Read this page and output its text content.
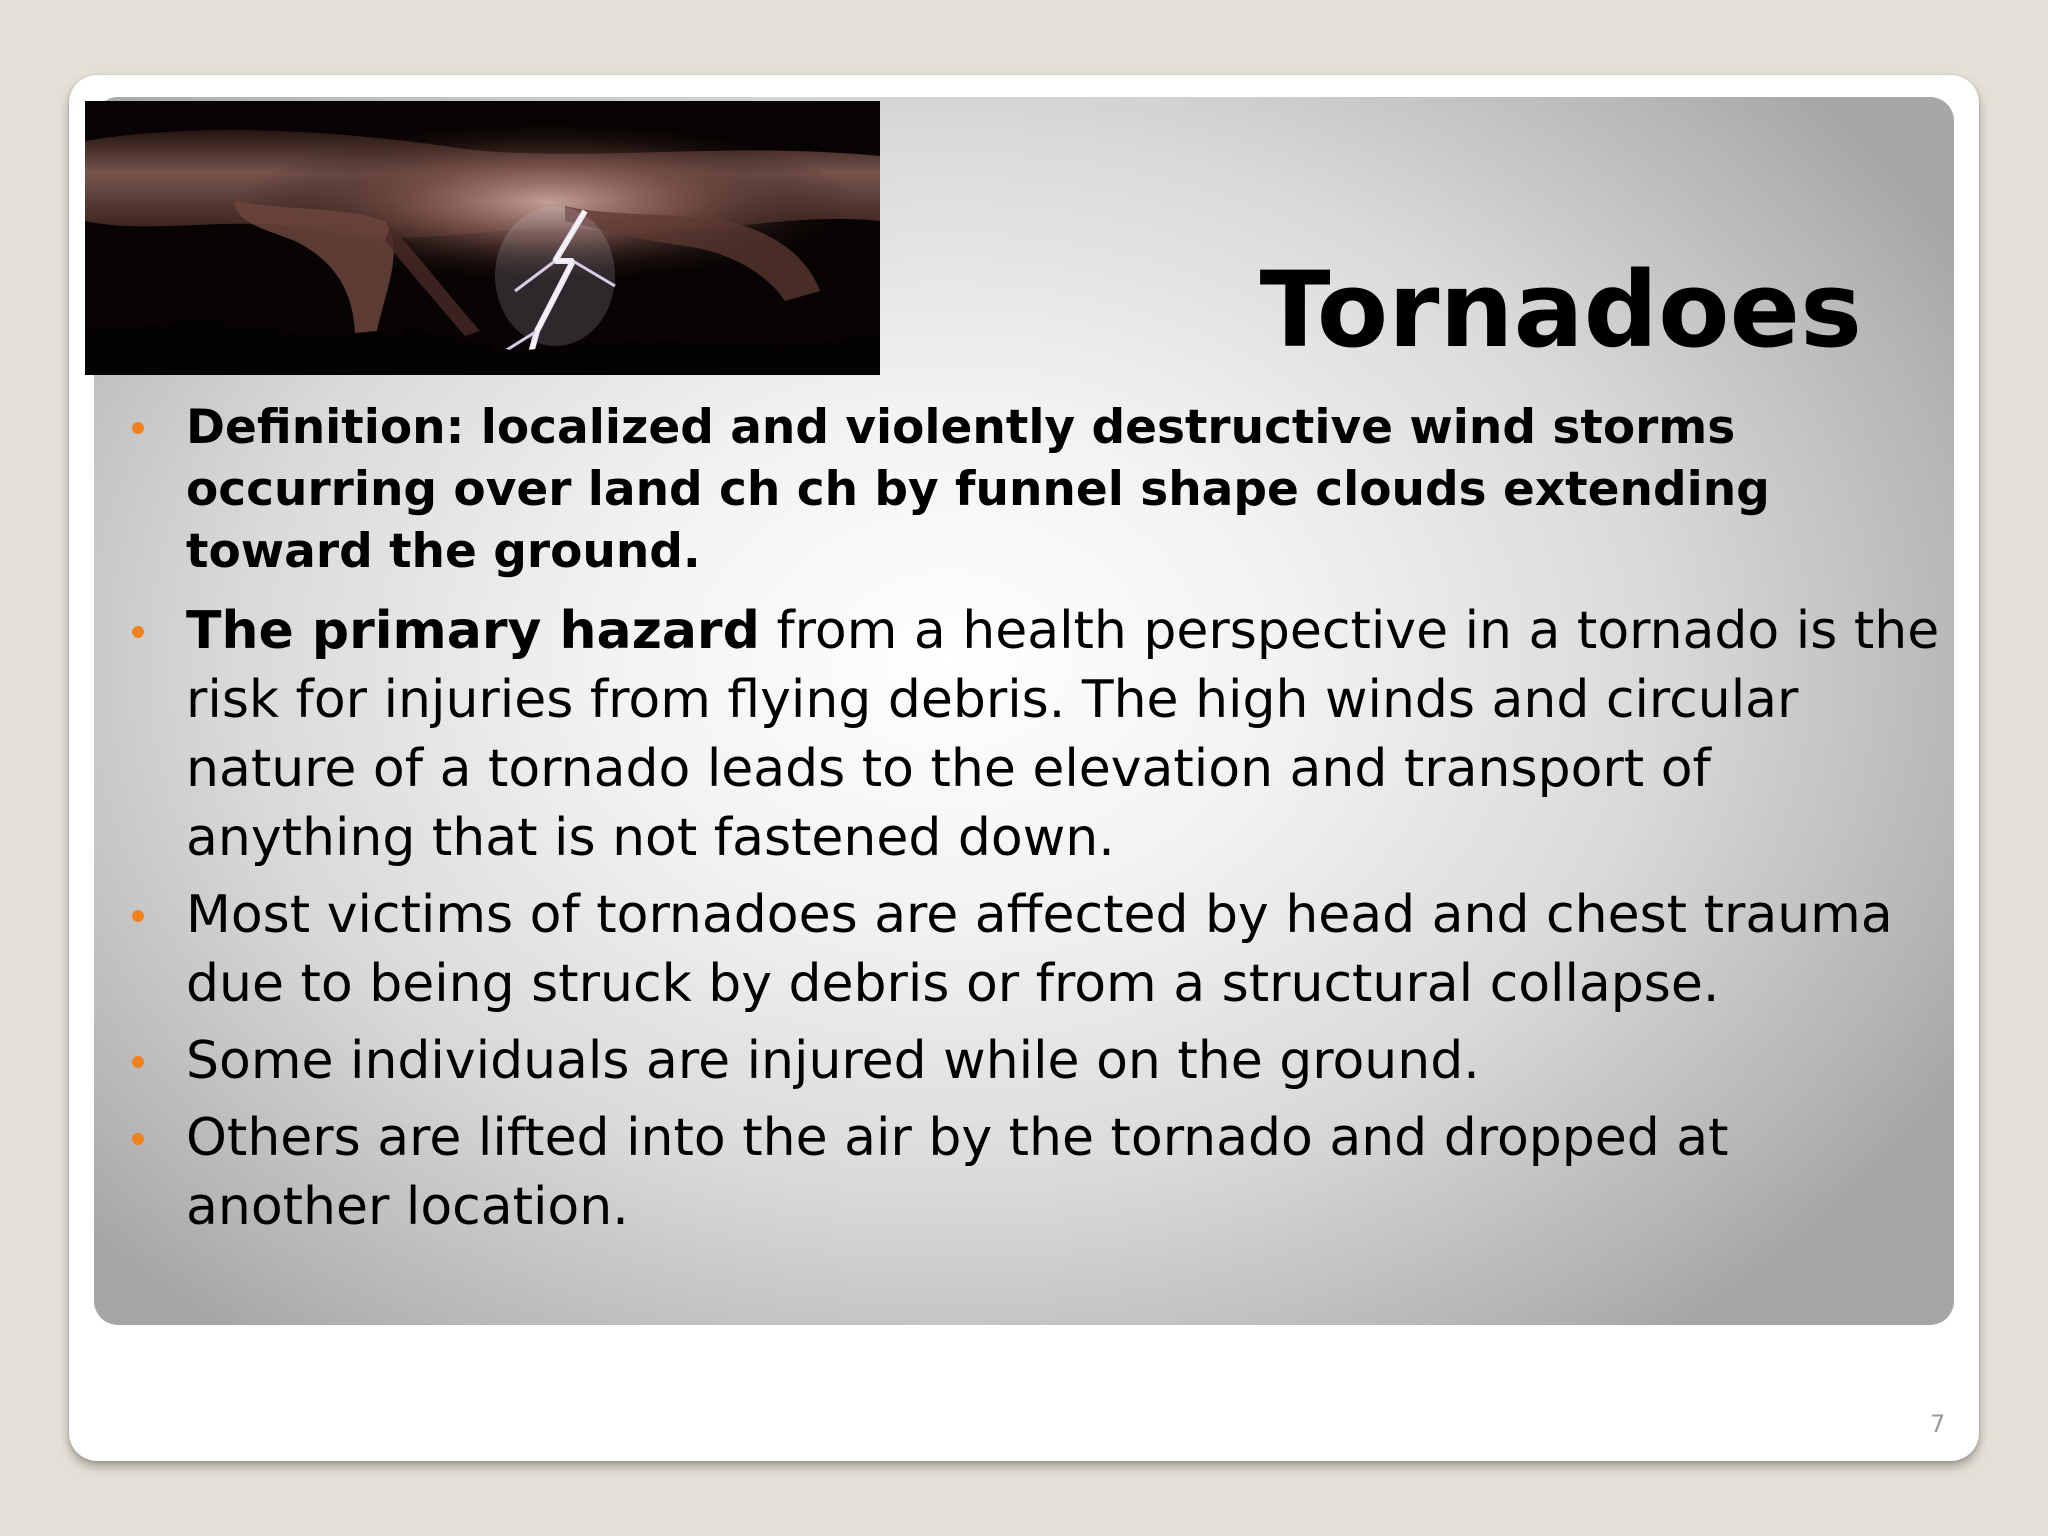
Tornadoes
Definition: localized and violently destructive wind storms occurring over land ch ch by funnel shape clouds extending toward the ground.
The primary hazard from a health perspective in a tornado is the risk for injuries from flying debris. The high winds and circular nature of a tornado leads to the elevation and transport of anything that is not fastened down.
Most victims of tornadoes are affected by head and chest trauma due to being struck by debris or from a structural collapse.
Some individuals are injured while on the ground.
Others are lifted into the air by the tornado and dropped at another location.
7
